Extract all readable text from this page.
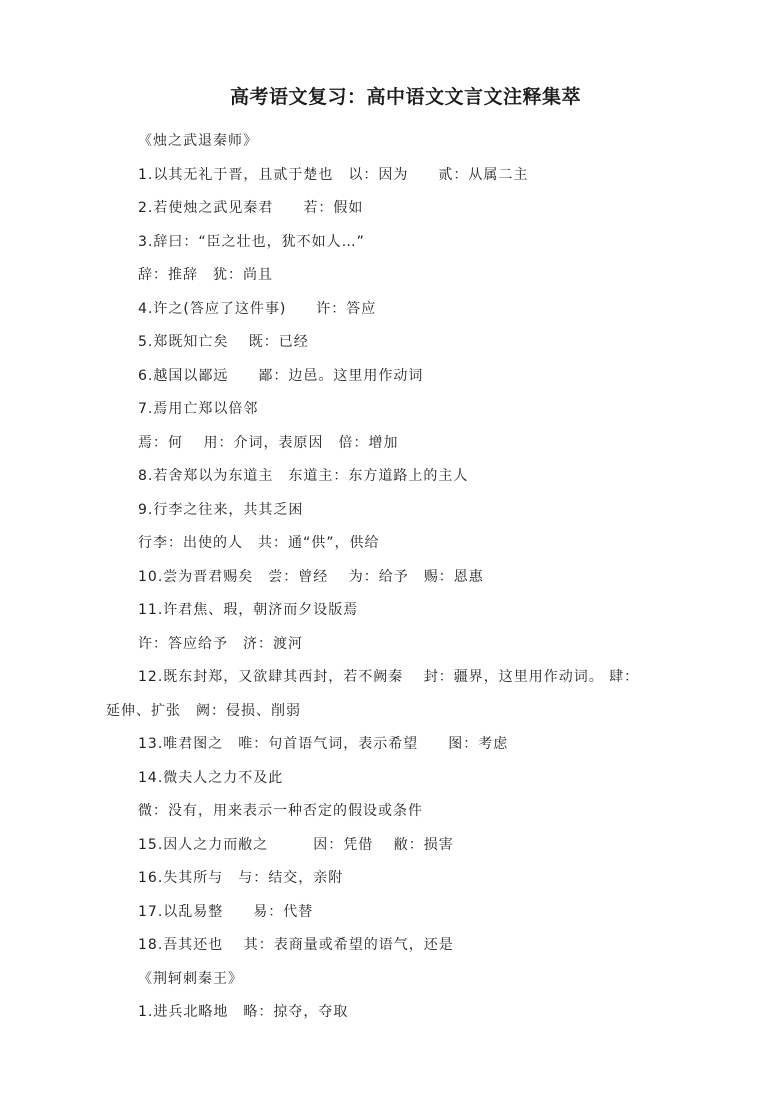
高考语文复习：高中语文文言文注释集萃
《烛之武退秦师》
1.以其无礼于晋，且贰于楚也　以：因为　　贰：从属二主
2.若使烛之武见秦君　　若：假如
3.辞曰：“臣之壮也，犹不如人…”
辞：推辞　犹：尚且
4.许之(答应了这件事)　　许：答应
5.郑既知亡矣　 既：已经
6.越国以鄙远　　鄙：边邑。这里用作动词
7.焉用亡郑以倍邻
焉：何　 用：介词，表原因　倍：增加
8.若舍郑以为东道主　东道主：东方道路上的主人
9.行李之往来，共其乏困
行李：出使的人　共：通“供”，供给
10.尝为晋君赐矣　尝：曾经　 为：给予　赐：恩惠
11.许君焦、瑕，朝济而夕设版焉
许：答应给予　济：渡河
12.既东封郑，又欲肆其西封，若不阙秦　 封：疆界，这里用作动词。 肆：
延伸、扩张　阙：侵损、削弱
13.唯君图之　唯：句首语气词，表示希望　　图：考虑
14.微夫人之力不及此
微：没有，用来表示一种否定的假设或条件
15.因人之力而敝之　　　因：凭借　 敝：损害
16.失其所与　与：结交，亲附
17.以乱易整　　易：代替
18.吾其还也　 其：表商量或希望的语气，还是
《荆轲刺秦王》
1.进兵北略地　略：掠夺，夺取
